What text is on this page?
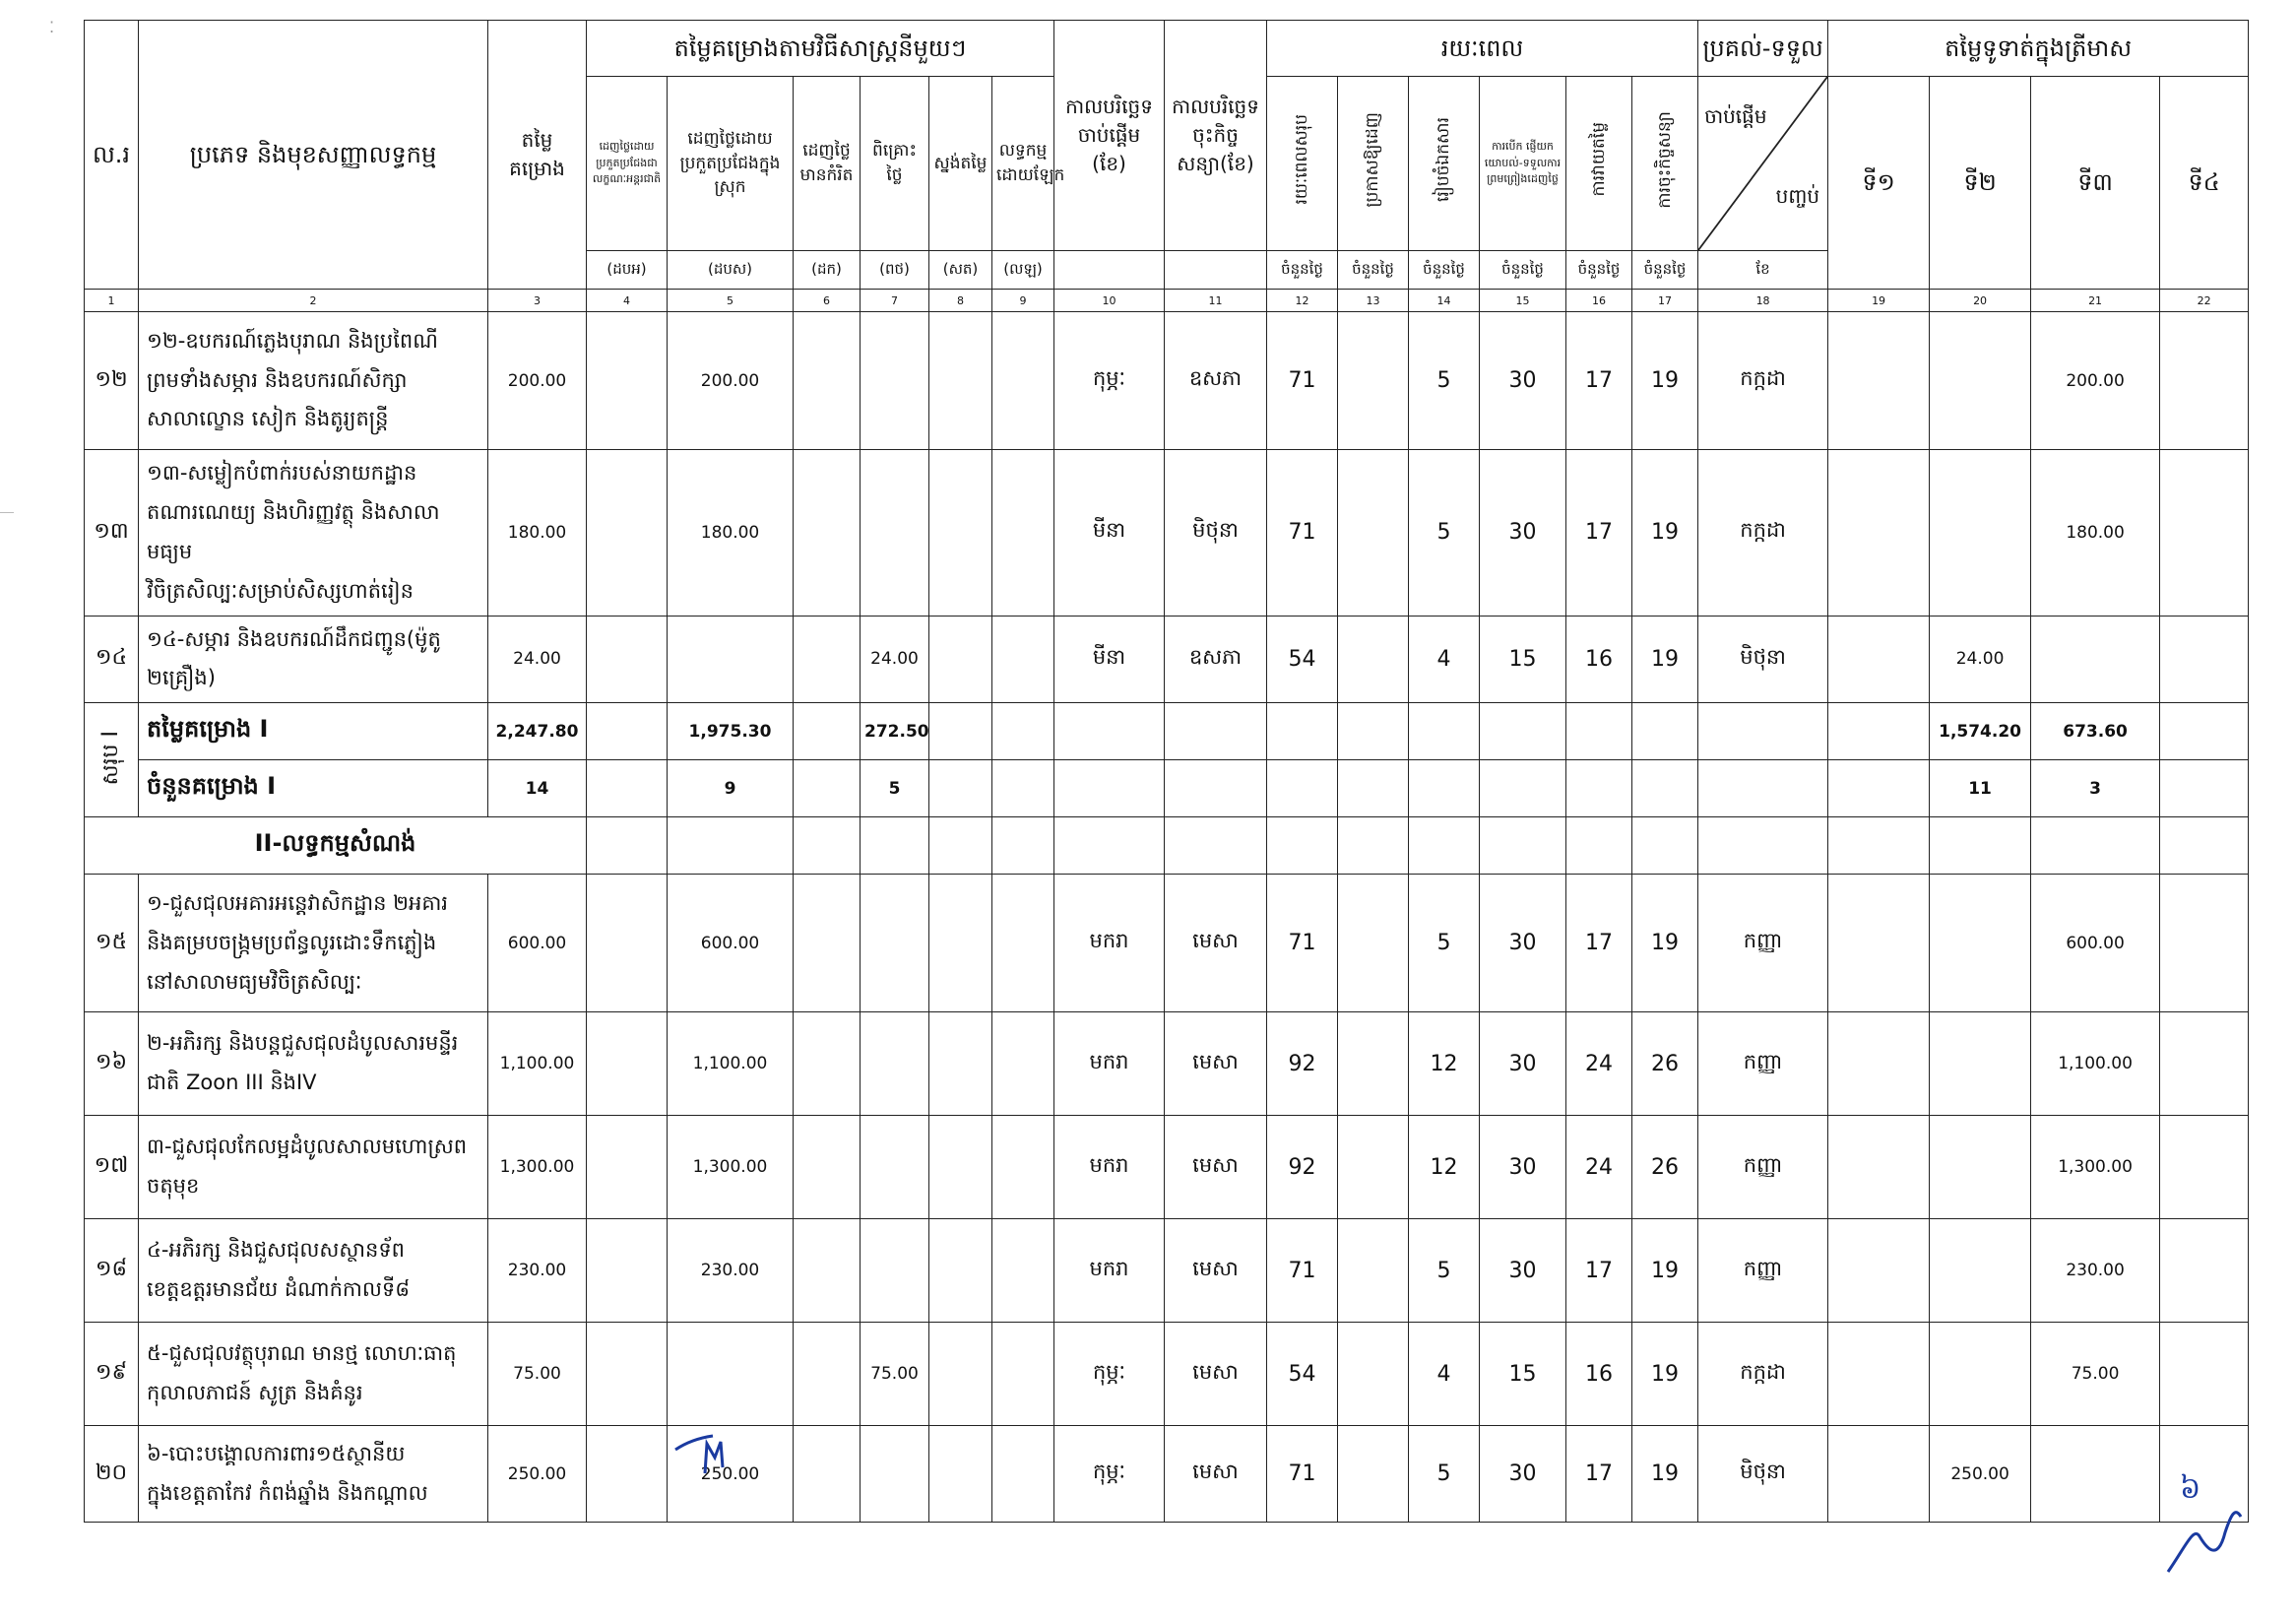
⁚
ល.រ	ប្រភេទ និងមុខសញ្ញាលទ្ធកម្ម	តម្លៃ គម្រោង	តម្លៃគម្រោងតាមវិធីសាស្រ្តនីមួយៗ						កាលបរិច្ឆេទចាប់ផ្តើម (ខែ)	កាលបរិច្ឆេទចុះកិច្ចសន្យា(ខែ)	រយៈពេល						ប្រគល់-ទទួល	តម្លៃទូទាត់ក្នុងត្រីមាស			
			ដេញថ្លៃដោយប្រកួតប្រជែងជាលក្ខណៈអន្តរជាតិ	ដេញថ្លៃដោយប្រកួតប្រជែងក្នុងស្រុក	ដេញថ្លៃមានកំរិត	ពិគ្រោះថ្លៃ	ស្នង់តម្លៃ	លទ្ធកម្មដោយឡែក			រយៈពេលសរុប	ប្រកាសឱ្យដេញ	រៀបចំឯកសារ	ការបើក ផ្ញើយកយោបល់-ទទួលការព្រមព្រៀងដេញថ្លៃ	ការវាយតម្លៃ	ការចុះកិច្ចសន្យា	ចាប់ផ្តើម
បញ្ចប់	ទី១	ទី២	ទី៣	ទី៤
			(ដបអ)	(ដបស)	(ដក)	(ពថ)	(សត)	(លឡ)			ចំនួនថ្ងៃ	ចំនួនថ្ងៃ	ចំនួនថ្ងៃ	ចំនួនថ្ងៃ	ចំនួនថ្ងៃ	ចំនួនថ្ងៃ	ខែ				
1	2	3	4	5	6	7	8	9	10	11	12	13	14	15	16	17	18	19	20	21	22
១២	១២-ឧបករណ៍ភ្លេងបុរាណ និងប្រពៃណី
ព្រមទាំងសម្ភារ និងឧបករណ៍សិក្សា
សាលាល្ខោន សៀក និងតូរ្យតន្ត្រី	200.00		200.00					កុម្ភៈ	ឧសភា	71		5	30	17	19	កក្កដា			200.00	
១៣	១៣-សម្លៀកបំពាក់របស់នាយកដ្ឋាន
តណារណេយ្យ និងហិរញ្ញវត្ថុ និងសាលាមធ្យម
វិចិត្រសិល្បៈសម្រាប់សិស្សហាត់រៀន	180.00		180.00					មីនា	មិថុនា	71		5	30	17	19	កក្កដា			180.00	
១៤	១៤-សម្ភារ និងឧបករណ៍ដឹកជញ្ជូន(ម៉ូតូ ២គ្រឿង)	24.00				24.00			មីនា	ឧសភា	54		4	15	16	19	មិថុនា		24.00		
សរុប I	តម្លៃគម្រោង I	2,247.80		1,975.30		272.50													1,574.20	673.60	
	ចំនួនគម្រោង I	14		9		5													11	3	
II-លទ្ធកម្មសំណង់																					
១៥	១-ជួសជុលអគារអន្តេវាសិកដ្ឋាន ២អគារ
និងគម្របចង្ក្រមប្រព័ន្ធលូរដោះទឹកភ្លៀង
នៅសាលាមធ្យមវិចិត្រសិល្បៈ	600.00		600.00					មករា	មេសា	71		5	30	17	19	កញ្ញា			600.00	
១៦	២-អភិរក្ស និងបន្តជួសជុលដំបូលសារមន្ទីរ
ជាតិ Zoon III និងIV	1,100.00		1,100.00					មករា	មេសា	92		12	30	24	26	កញ្ញា			1,100.00	
១៧	៣-ជួសជុលកែលម្អដំបូលសាលមហោស្រព
ចតុមុខ	1,300.00		1,300.00					មករា	មេសា	92		12	30	24	26	កញ្ញា			1,300.00	
១៨	៤-អភិរក្ស និងជួសជុលសស្ថានទ័ព
ខេត្តឧត្តរមានជ័យ ដំណាក់កាលទី៨	230.00		230.00					មករា	មេសា	71		5	30	17	19	កញ្ញា			230.00	
១៩	៥-ជួសជុលវត្ថុបុរាណ មានថ្ម លោហៈធាតុ
កុលាលភាជន៍ សូត្រ និងគំនូរ	75.00				75.00			កុម្ភៈ	មេសា	54		4	15	16	19	កក្កដា			75.00	
២០	៦-បោះបង្គោលការពារ១៥ស្ថានីយ
ក្នុងខេត្តតាកែវ កំពង់ឆ្នាំង និងកណ្តាល	250.00		250.00					កុម្ភៈ	មេសា	71		5	30	17	19	មិថុនា		250.00			៦
